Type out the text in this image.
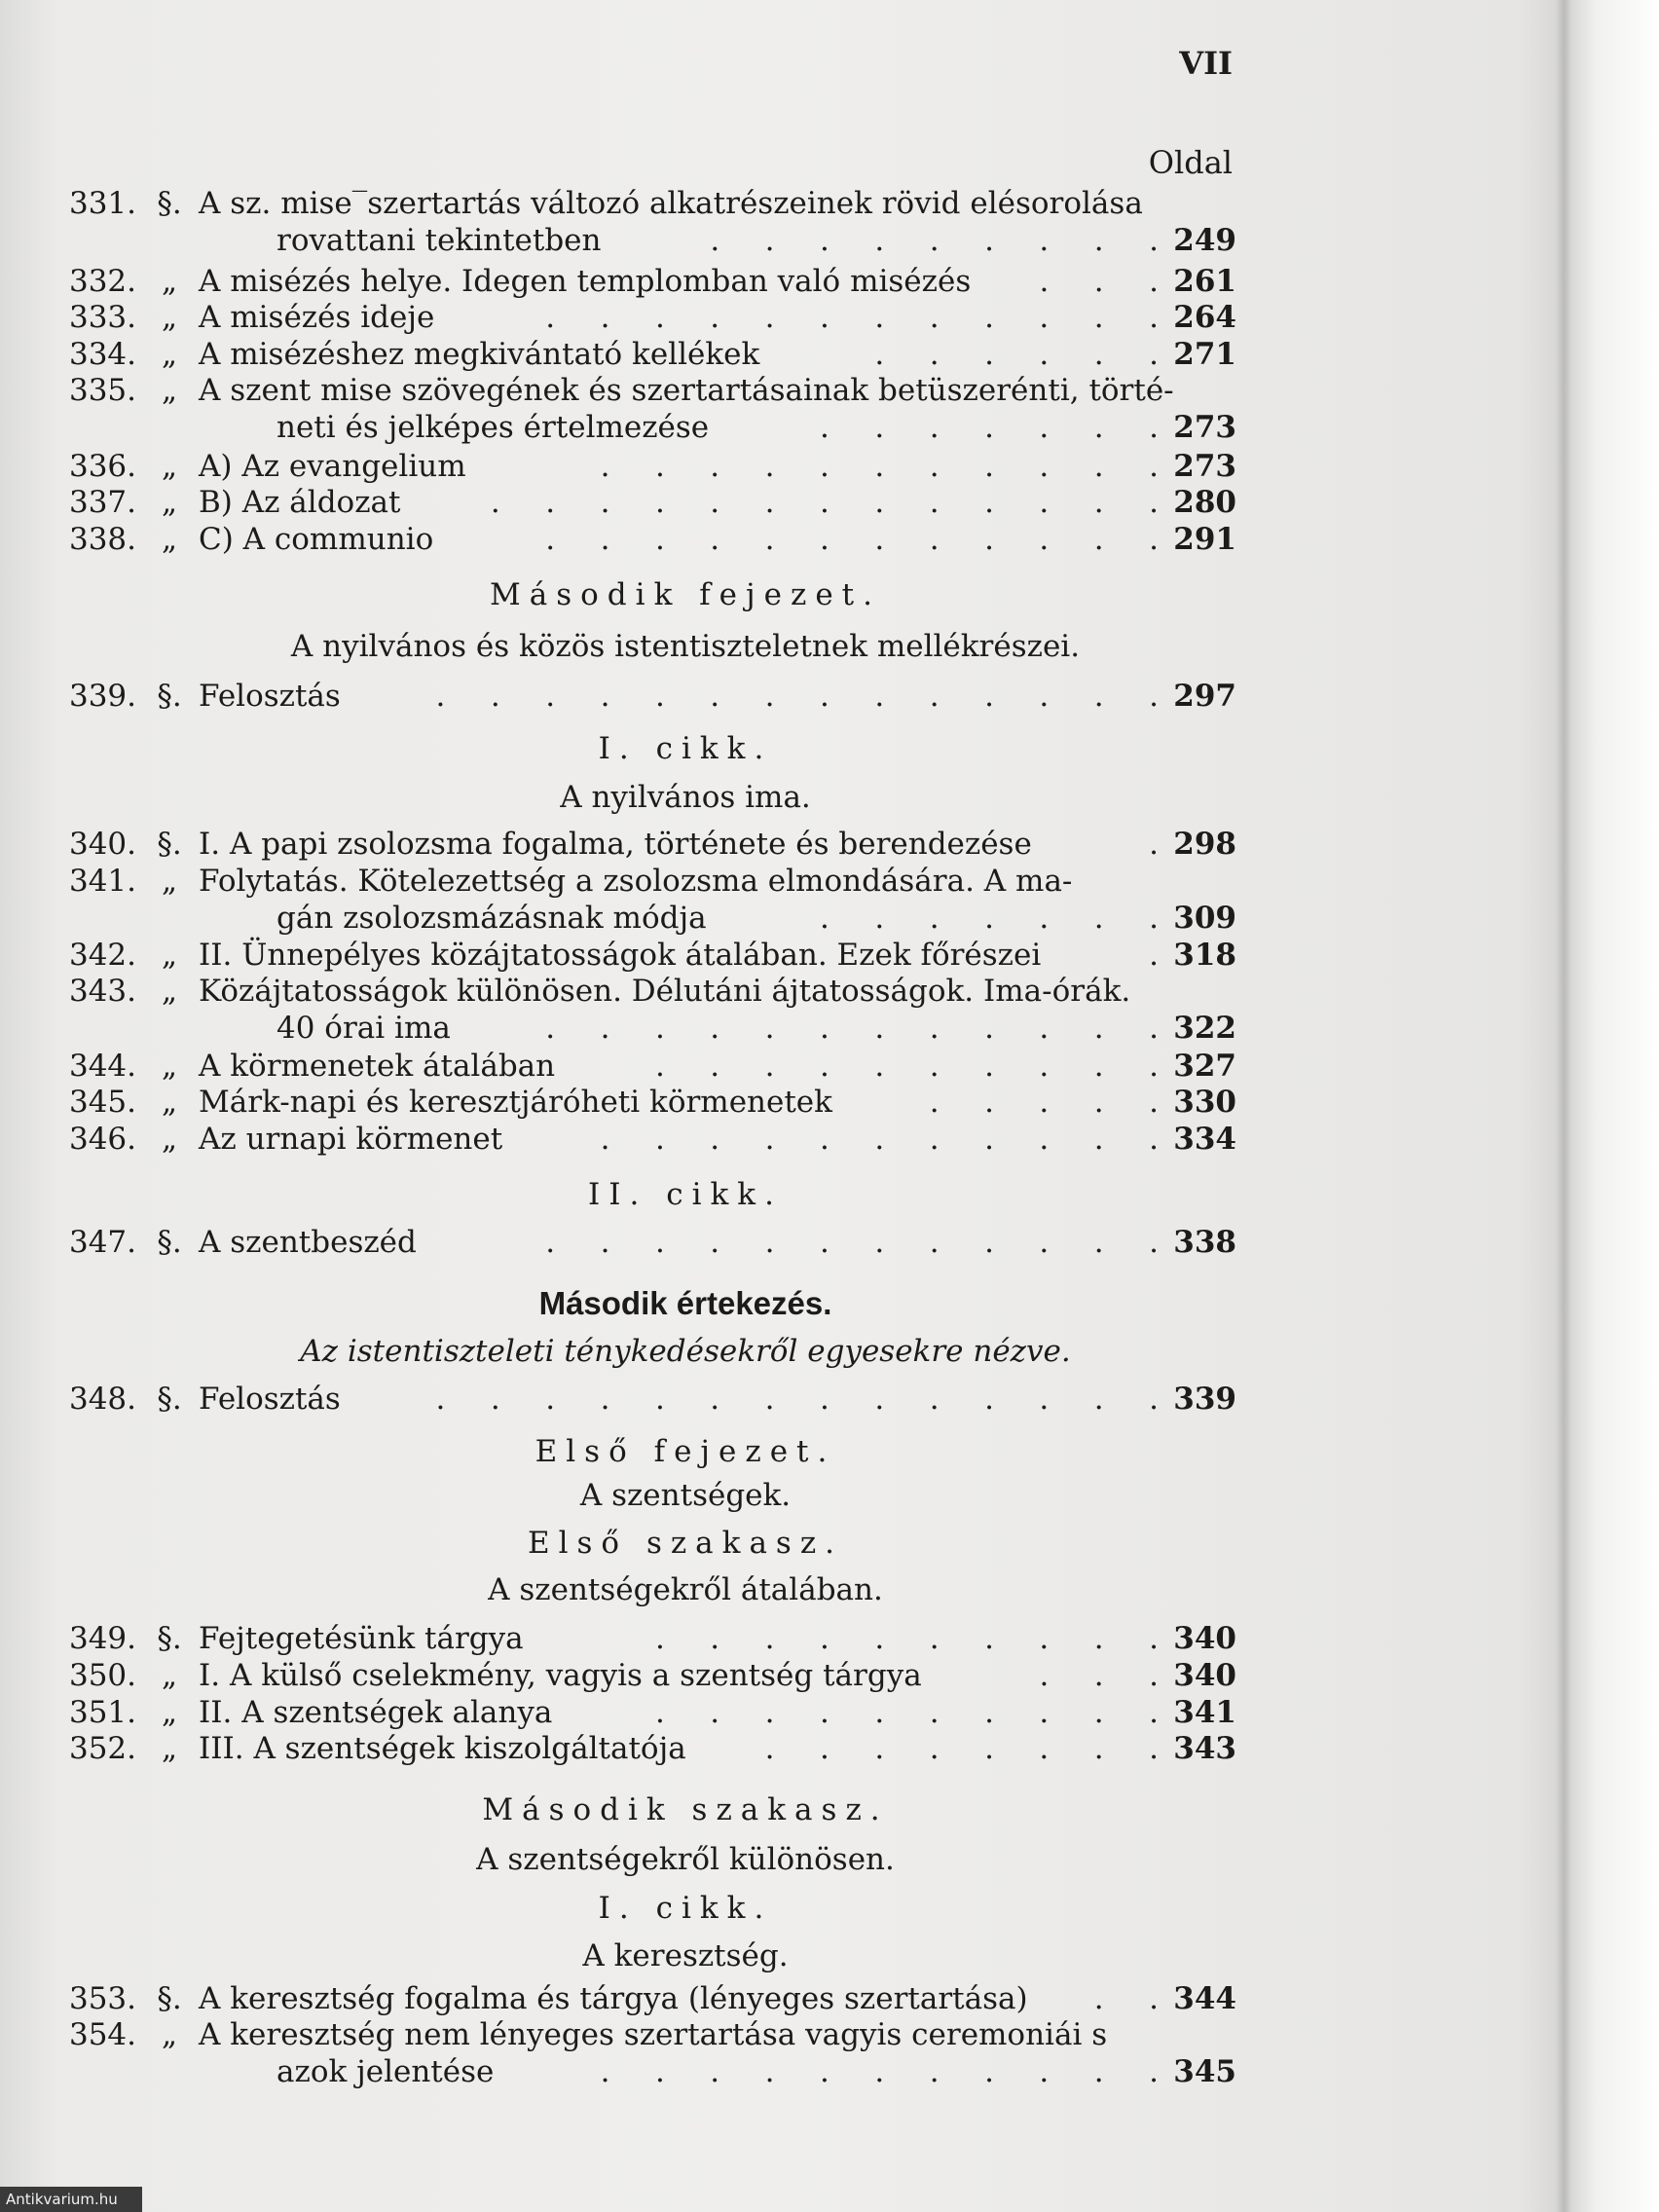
VII
Oldal
331. §. A sz. mise‾szertartás változó alkatrészeinek rövid elésorolása
rovattani tekintetben	.  .  .  .  .  .  .  .  . 249
332. „ A misézés helye. Idegen templomban való misézés	.  .  . 261
333. „ A misézés ideje	.  .  .  .  .  .  .  .  .  .  .  . 264
334. „ A misézéshez megkivántató kellékek	.  .  .  .  .  . 271
335. „ A szent mise szövegének és szertartásainak betüszerénti, törté-
neti és jelképes értelmezése	.  .  .  .  .  .  . 273
336. „ A) Az evangelium	.  .  .  .  .  .  .  .  .  .  . 273
337. „ B) Az áldozat	.  .  .  .  .  .  .  .  .  .  .  .  . 280
338. „ C) A communio	.  .  .  .  .  .  .  .  .  .  .  . 291
Második fejezet.
A nyilvános és közös istentiszteletnek mellékrészei.
339. §. Felosztás	.  .  .  .  .  .  .  .  .  .  .  .  .  . 297
I. cikk.
A nyilvános ima.
340. §. I. A papi zsolozsma fogalma, története és berendezése	. 298
341. „ Folytatás. Kötelezettség a zsolozsma elmondására. A ma-
gán zsolozsmázásnak módja	.  .  .  .  .  .  . 309
342. „ II. Ünnepélyes közájtatosságok átalában. Ezek főrészei	. 318
343. „ Közájtatosságok különösen. Délutáni ájtatosságok. Ima-órák.
40 órai ima	.  .  .  .  .  .  .  .  .  .  .  . 322
344. „ A körmenetek átalában	.  .  .  .  .  .  .  .  .  . 327
345. „ Márk-napi és keresztjáróheti körmenetek	.  .  .  .  . 330
346. „ Az urnapi körmenet	.  .  .  .  .  .  .  .  .  .  . 334
II. cikk.
347. §. A szentbeszéd	.  .  .  .  .  .  .  .  .  .  .  . 338
Második értekezés.
Az istentiszteleti ténykedésekről egyesekre nézve.
348. §. Felosztás	.  .  .  .  .  .  .  .  .  .  .  .  .  . 339
Első fejezet.
A szentségek.
Első szakasz.
A szentségekről átalában.
349. §. Fejtegetésünk tárgya	.  .  .  .  .  .  .  .  .  . 340
350. „ I. A külső cselekmény, vagyis a szentség tárgya	.  .  . 340
351. „ II. A szentségek alanya	.  .  .  .  .  .  .  .  .  . 341
352. „ III. A szentségek kiszolgáltatója	.  .  .  .  .  .  .  . 343
Második szakasz.
A szentségekről különösen.
I. cikk.
A keresztség.
353. §. A keresztség fogalma és tárgya (lényeges szertartása)	.  . 344
354. „ A keresztség nem lényeges szertartása vagyis ceremoniái s
azok jelentése	.  .  .  .  .  .  .  .  .  .  . 345
Antikvarium.hu
